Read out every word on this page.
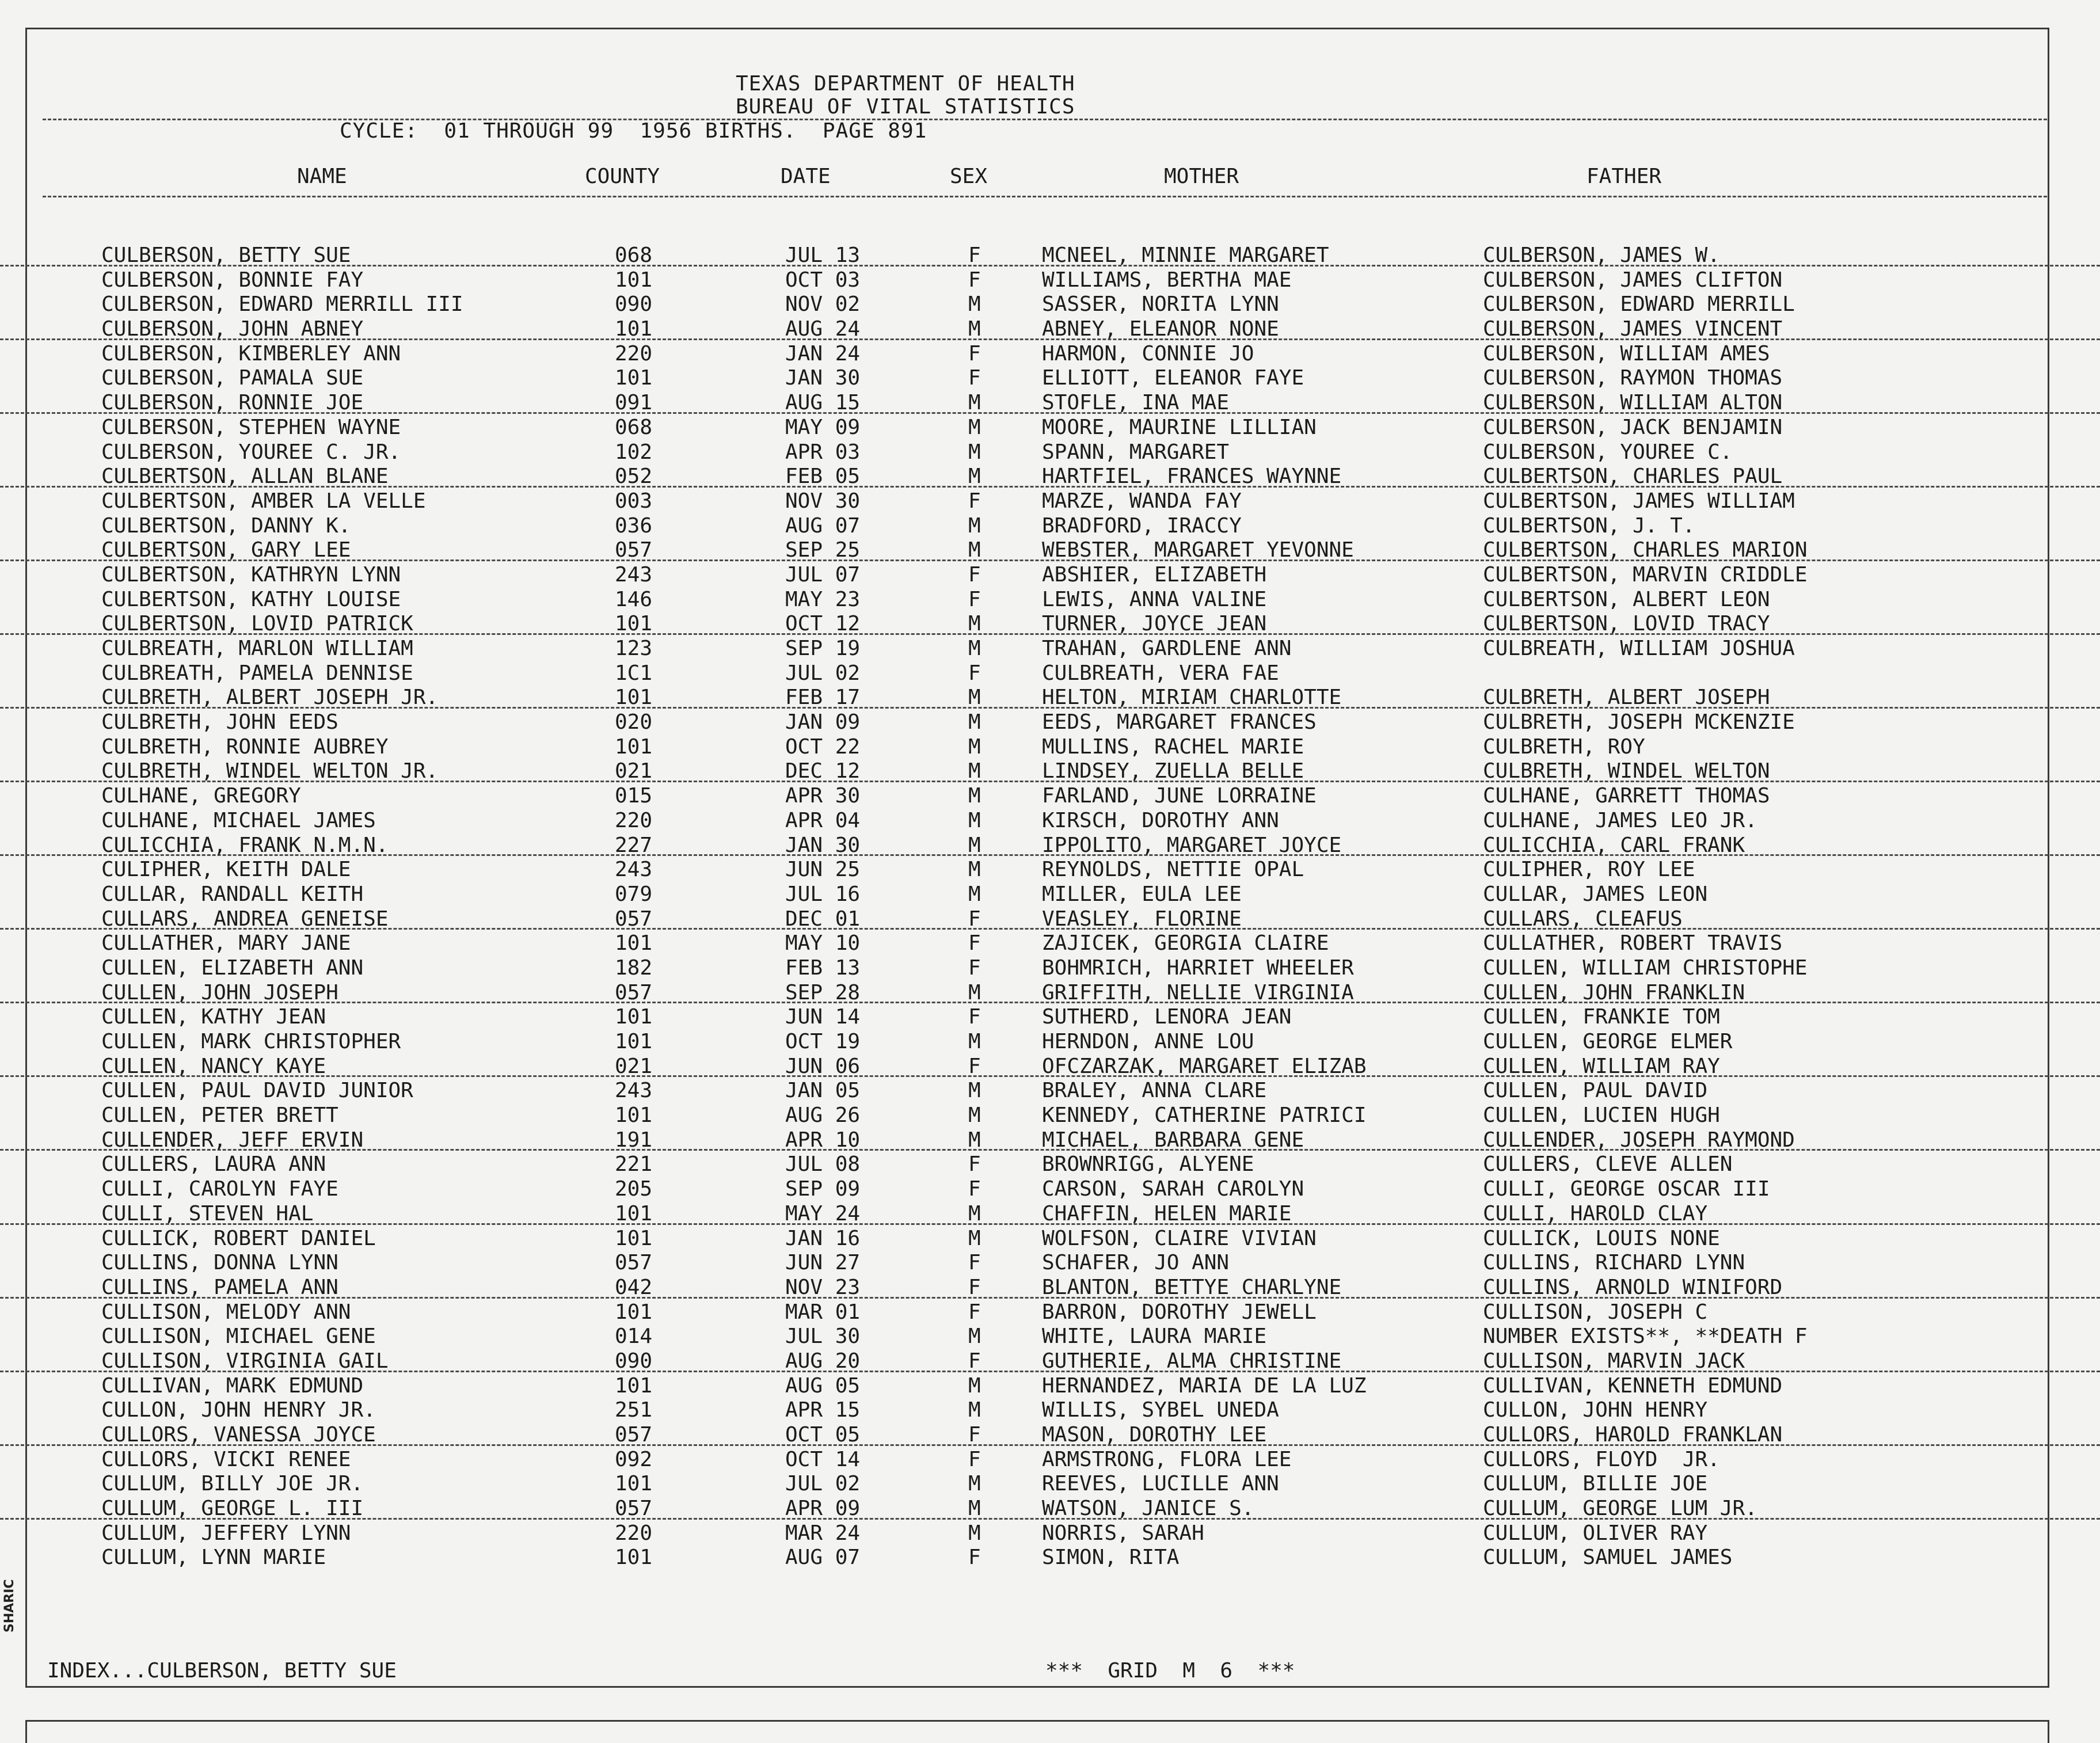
SHARIC
TEXAS DEPARTMENT OF HEALTH
BUREAU OF VITAL STATISTICS
CYCLE:  01 THROUGH 99  1956 BIRTHS.  PAGE 891
NAME	COUNTY	DATE	SEX	MOTHER	FATHER
CULBERSON, BETTY SUE	068	JUL 13	F	MCNEEL, MINNIE MARGARET	CULBERSON, JAMES W.
CULBERSON, BONNIE FAY	101	OCT 03	F	WILLIAMS, BERTHA MAE	CULBERSON, JAMES CLIFTON
CULBERSON, EDWARD MERRILL III	090	NOV 02	M	SASSER, NORITA LYNN	CULBERSON, EDWARD MERRILL
CULBERSON, JOHN ABNEY	101	AUG 24	M	ABNEY, ELEANOR NONE	CULBERSON, JAMES VINCENT
CULBERSON, KIMBERLEY ANN	220	JAN 24	F	HARMON, CONNIE JO	CULBERSON, WILLIAM AMES
CULBERSON, PAMALA SUE	101	JAN 30	F	ELLIOTT, ELEANOR FAYE	CULBERSON, RAYMON THOMAS
CULBERSON, RONNIE JOE	091	AUG 15	M	STOFLE, INA MAE	CULBERSON, WILLIAM ALTON
CULBERSON, STEPHEN WAYNE	068	MAY 09	M	MOORE, MAURINE LILLIAN	CULBERSON, JACK BENJAMIN
CULBERSON, YOUREE C. JR.	102	APR 03	M	SPANN, MARGARET	CULBERSON, YOUREE C.
CULBERTSON, ALLAN BLANE	052	FEB 05	M	HARTFIEL, FRANCES WAYNNE	CULBERTSON, CHARLES PAUL
CULBERTSON, AMBER LA VELLE	003	NOV 30	F	MARZE, WANDA FAY	CULBERTSON, JAMES WILLIAM
CULBERTSON, DANNY K.	036	AUG 07	M	BRADFORD, IRACCY	CULBERTSON, J. T.
CULBERTSON, GARY LEE	057	SEP 25	M	WEBSTER, MARGARET YEVONNE	CULBERTSON, CHARLES MARION
CULBERTSON, KATHRYN LYNN	243	JUL 07	F	ABSHIER, ELIZABETH	CULBERTSON, MARVIN CRIDDLE
CULBERTSON, KATHY LOUISE	146	MAY 23	F	LEWIS, ANNA VALINE	CULBERTSON, ALBERT LEON
CULBERTSON, LOVID PATRICK	101	OCT 12	M	TURNER, JOYCE JEAN	CULBERTSON, LOVID TRACY
CULBREATH, MARLON WILLIAM	123	SEP 19	M	TRAHAN, GARDLENE ANN	CULBREATH, WILLIAM JOSHUA
CULBREATH, PAMELA DENNISE	1C1	JUL 02	F	CULBREATH, VERA FAE
CULBRETH, ALBERT JOSEPH JR.	101	FEB 17	M	HELTON, MIRIAM CHARLOTTE	CULBRETH, ALBERT JOSEPH
CULBRETH, JOHN EEDS	020	JAN 09	M	EEDS, MARGARET FRANCES	CULBRETH, JOSEPH MCKENZIE
CULBRETH, RONNIE AUBREY	101	OCT 22	M	MULLINS, RACHEL MARIE	CULBRETH, ROY
CULBRETH, WINDEL WELTON JR.	021	DEC 12	M	LINDSEY, ZUELLA BELLE	CULBRETH, WINDEL WELTON
CULHANE, GREGORY	015	APR 30	M	FARLAND, JUNE LORRAINE	CULHANE, GARRETT THOMAS
CULHANE, MICHAEL JAMES	220	APR 04	M	KIRSCH, DOROTHY ANN	CULHANE, JAMES LEO JR.
CULICCHIA, FRANK N.M.N.	227	JAN 30	M	IPPOLITO, MARGARET JOYCE	CULICCHIA, CARL FRANK
CULIPHER, KEITH DALE	243	JUN 25	M	REYNOLDS, NETTIE OPAL	CULIPHER, ROY LEE
CULLAR, RANDALL KEITH	079	JUL 16	M	MILLER, EULA LEE	CULLAR, JAMES LEON
CULLARS, ANDREA GENEISE	057	DEC 01	F	VEASLEY, FLORINE	CULLARS, CLEAFUS
CULLATHER, MARY JANE	101	MAY 10	F	ZAJICEK, GEORGIA CLAIRE	CULLATHER, ROBERT TRAVIS
CULLEN, ELIZABETH ANN	182	FEB 13	F	BOHMRICH, HARRIET WHEELER	CULLEN, WILLIAM CHRISTOPHE
CULLEN, JOHN JOSEPH	057	SEP 28	M	GRIFFITH, NELLIE VIRGINIA	CULLEN, JOHN FRANKLIN
CULLEN, KATHY JEAN	101	JUN 14	F	SUTHERD, LENORA JEAN	CULLEN, FRANKIE TOM
CULLEN, MARK CHRISTOPHER	101	OCT 19	M	HERNDON, ANNE LOU	CULLEN, GEORGE ELMER
CULLEN, NANCY KAYE	021	JUN 06	F	OFCZARZAK, MARGARET ELIZAB	CULLEN, WILLIAM RAY
CULLEN, PAUL DAVID JUNIOR	243	JAN 05	M	BRALEY, ANNA CLARE	CULLEN, PAUL DAVID
CULLEN, PETER BRETT	101	AUG 26	M	KENNEDY, CATHERINE PATRICI	CULLEN, LUCIEN HUGH
CULLENDER, JEFF ERVIN	191	APR 10	M	MICHAEL, BARBARA GENE	CULLENDER, JOSEPH RAYMOND
CULLERS, LAURA ANN	221	JUL 08	F	BROWNRIGG, ALYENE	CULLERS, CLEVE ALLEN
CULLI, CAROLYN FAYE	205	SEP 09	F	CARSON, SARAH CAROLYN	CULLI, GEORGE OSCAR III
CULLI, STEVEN HAL	101	MAY 24	M	CHAFFIN, HELEN MARIE	CULLI, HAROLD CLAY
CULLICK, ROBERT DANIEL	101	JAN 16	M	WOLFSON, CLAIRE VIVIAN	CULLICK, LOUIS NONE
CULLINS, DONNA LYNN	057	JUN 27	F	SCHAFER, JO ANN	CULLINS, RICHARD LYNN
CULLINS, PAMELA ANN	042	NOV 23	F	BLANTON, BETTYE CHARLYNE	CULLINS, ARNOLD WINIFORD
CULLISON, MELODY ANN	101	MAR 01	F	BARRON, DOROTHY JEWELL	CULLISON, JOSEPH C
CULLISON, MICHAEL GENE	014	JUL 30	M	WHITE, LAURA MARIE	NUMBER EXISTS**, **DEATH F
CULLISON, VIRGINIA GAIL	090	AUG 20	F	GUTHERIE, ALMA CHRISTINE	CULLISON, MARVIN JACK
CULLIVAN, MARK EDMUND	101	AUG 05	M	HERNANDEZ, MARIA DE LA LUZ	CULLIVAN, KENNETH EDMUND
CULLON, JOHN HENRY JR.	251	APR 15	M	WILLIS, SYBEL UNEDA	CULLON, JOHN HENRY
CULLORS, VANESSA JOYCE	057	OCT 05	F	MASON, DOROTHY LEE	CULLORS, HAROLD FRANKLAN
CULLORS, VICKI RENEE	092	OCT 14	F	ARMSTRONG, FLORA LEE	CULLORS, FLOYD  JR.
CULLUM, BILLY JOE JR.	101	JUL 02	M	REEVES, LUCILLE ANN	CULLUM, BILLIE JOE
CULLUM, GEORGE L. III	057	APR 09	M	WATSON, JANICE S.	CULLUM, GEORGE LUM JR.
CULLUM, JEFFERY LYNN	220	MAR 24	M	NORRIS, SARAH	CULLUM, OLIVER RAY
CULLUM, LYNN MARIE	101	AUG 07	F	SIMON, RITA	CULLUM, SAMUEL JAMES
INDEX...CULBERSON, BETTY SUE	***  GRID  M  6  ***
